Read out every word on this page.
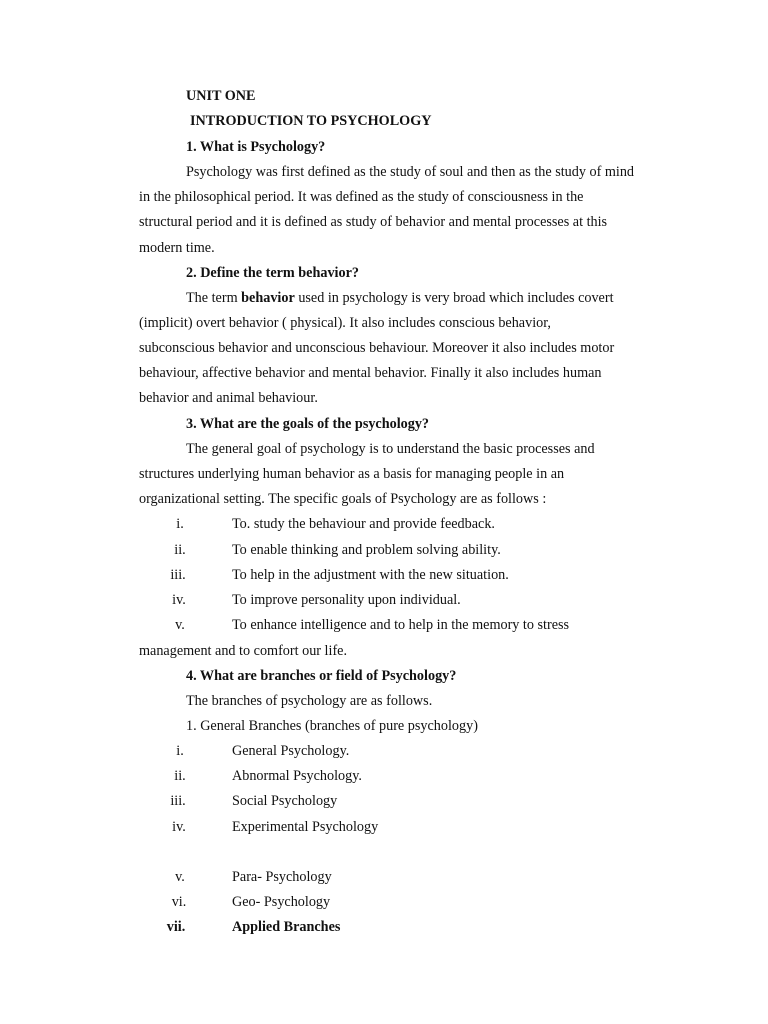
UNIT ONE
INTRODUCTION TO PSYCHOLOGY
1. What is Psychology?
Psychology was first defined as the study of soul and then as the study of mind
in the philosophical period. It was defined as the study of consciousness in the
structural period and it is defined as study of behavior and mental processes at this
modern time.
2. Define the term behavior?
The term behavior used in psychology is very broad which includes covert
(implicit) overt behavior ( physical). It also includes conscious behavior,
subconscious behavior and unconscious behaviour. Moreover it also includes motor
behaviour, affective behavior and mental behavior. Finally it also includes human
behavior and animal behaviour.
3. What are the goals of the psychology?
The general goal of psychology is to understand the basic processes and
structures underlying human behavior as a basis for managing people in an
organizational setting. The specific goals of Psychology are as follows :
i.	To. study the behaviour and provide feedback.
ii.	To enable thinking and problem solving ability.
iii.	To help in the adjustment with the new situation.
iv.	To improve personality upon individual.
v.	To enhance intelligence and to help in the memory to stress
management and to comfort our life.
4. What are branches or field of Psychology?
The branches of psychology are as follows.
1. General Branches (branches of pure psychology)
i.	General Psychology.
ii.	Abnormal Psychology.
iii.	Social Psychology
iv.	Experimental Psychology
v.	Para- Psychology
vi.	Geo- Psychology
vii.	Applied Branches
